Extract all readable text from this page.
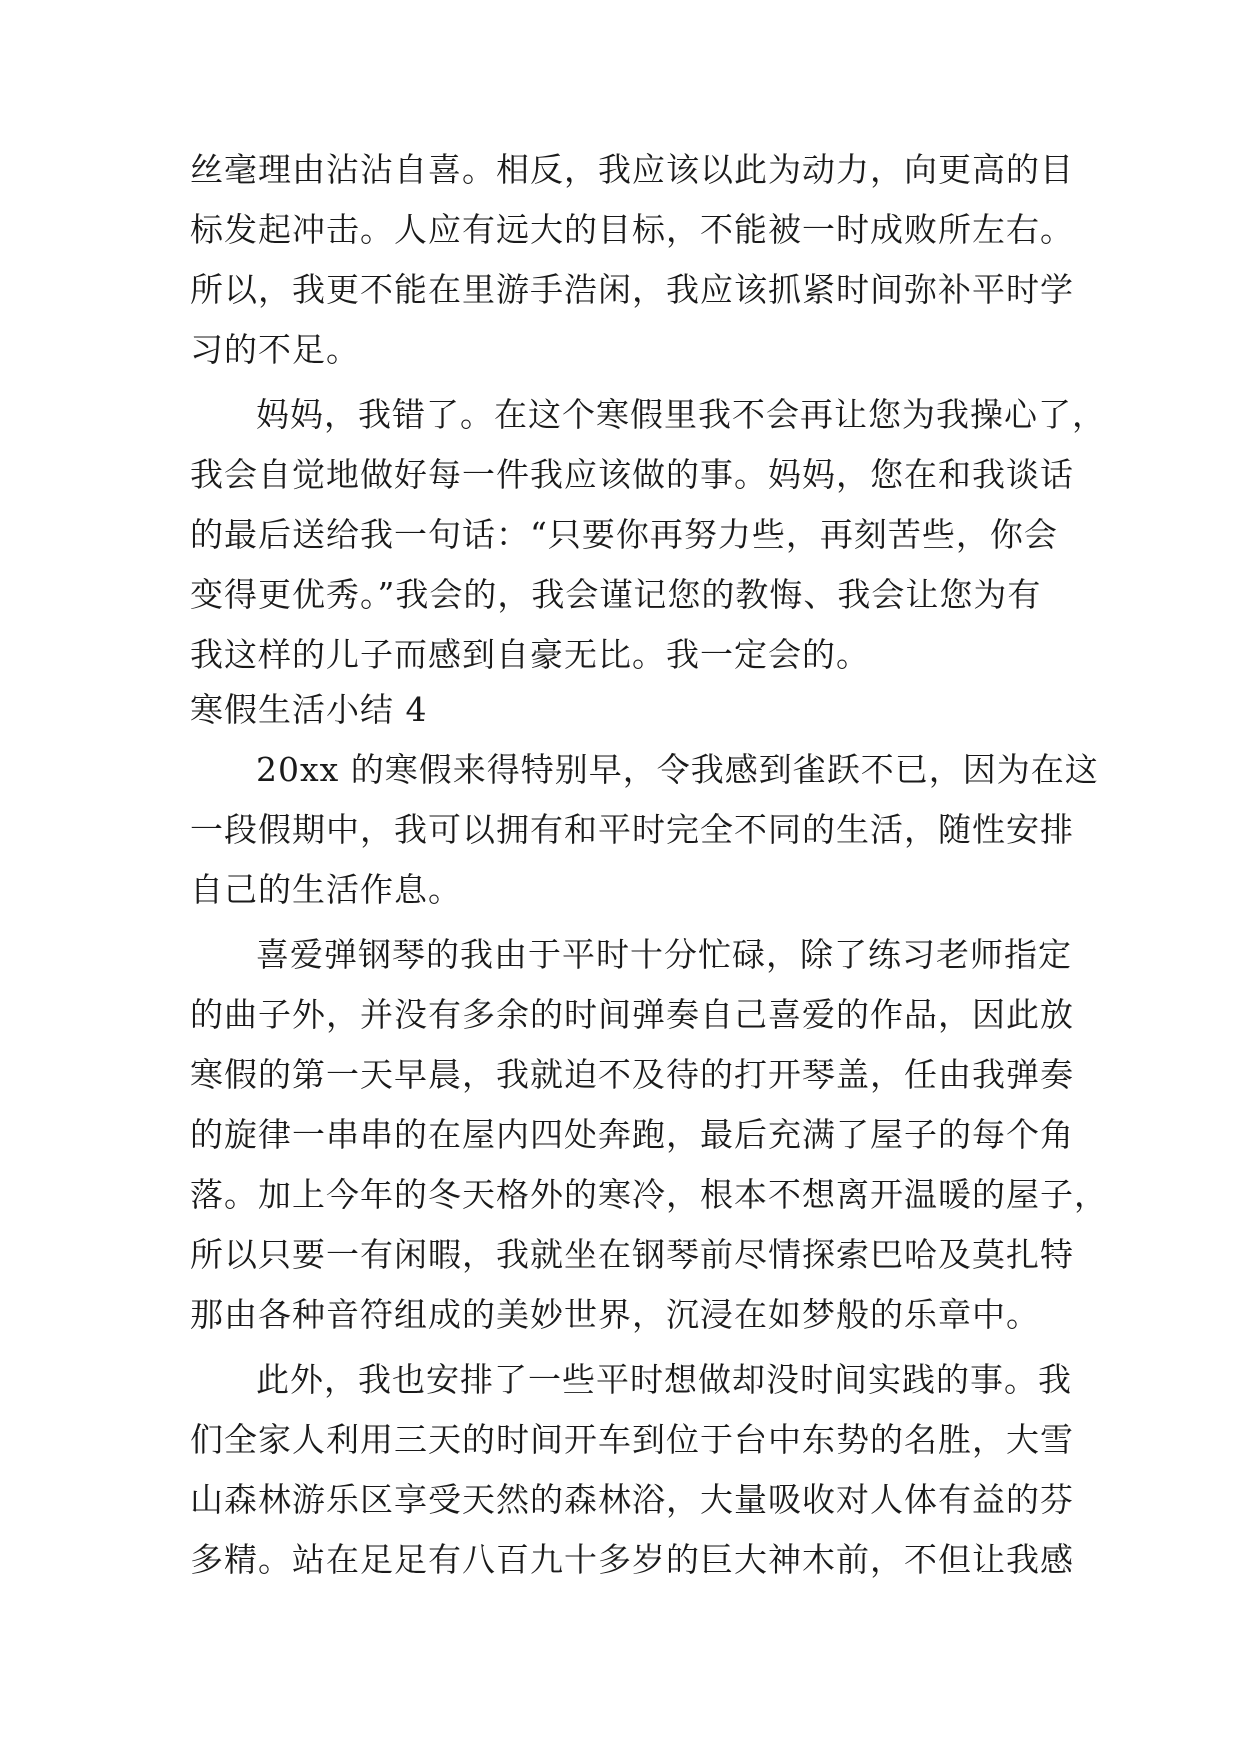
丝毫理由沾沾自喜。相反，我应该以此为动力，向更高的目
标发起冲击。人应有远大的目标，不能被一时成败所左右。
所以，我更不能在里游手浩闲，我应该抓紧时间弥补平时学
习的不足。
妈妈，我错了。在这个寒假里我不会再让您为我操心了，
我会自觉地做好每一件我应该做的事。妈妈，您在和我谈话
的最后送给我一句话：“只要你再努力些，再刻苦些，你会
变得更优秀。”我会的，我会谨记您的教悔、我会让您为有
我这样的儿子而感到自豪无比。我一定会的。
寒假生活小结 4
20xx 的寒假来得特别早，令我感到雀跃不已，因为在这
一段假期中，我可以拥有和平时完全不同的生活，随性安排
自己的生活作息。
喜爱弹钢琴的我由于平时十分忙碌，除了练习老师指定
的曲子外，并没有多余的时间弹奏自己喜爱的作品，因此放
寒假的第一天早晨，我就迫不及待的打开琴盖，任由我弹奏
的旋律一串串的在屋内四处奔跑，最后充满了屋子的每个角
落。加上今年的冬天格外的寒冷，根本不想离开温暖的屋子，
所以只要一有闲暇，我就坐在钢琴前尽情探索巴哈及莫扎特
那由各种音符组成的美妙世界，沉浸在如梦般的乐章中。
此外，我也安排了一些平时想做却没时间实践的事。我
们全家人利用三天的时间开车到位于台中东势的名胜，大雪
山森林游乐区享受天然的森林浴，大量吸收对人体有益的芬
多精。站在足足有八百九十多岁的巨大神木前，不但让我感
